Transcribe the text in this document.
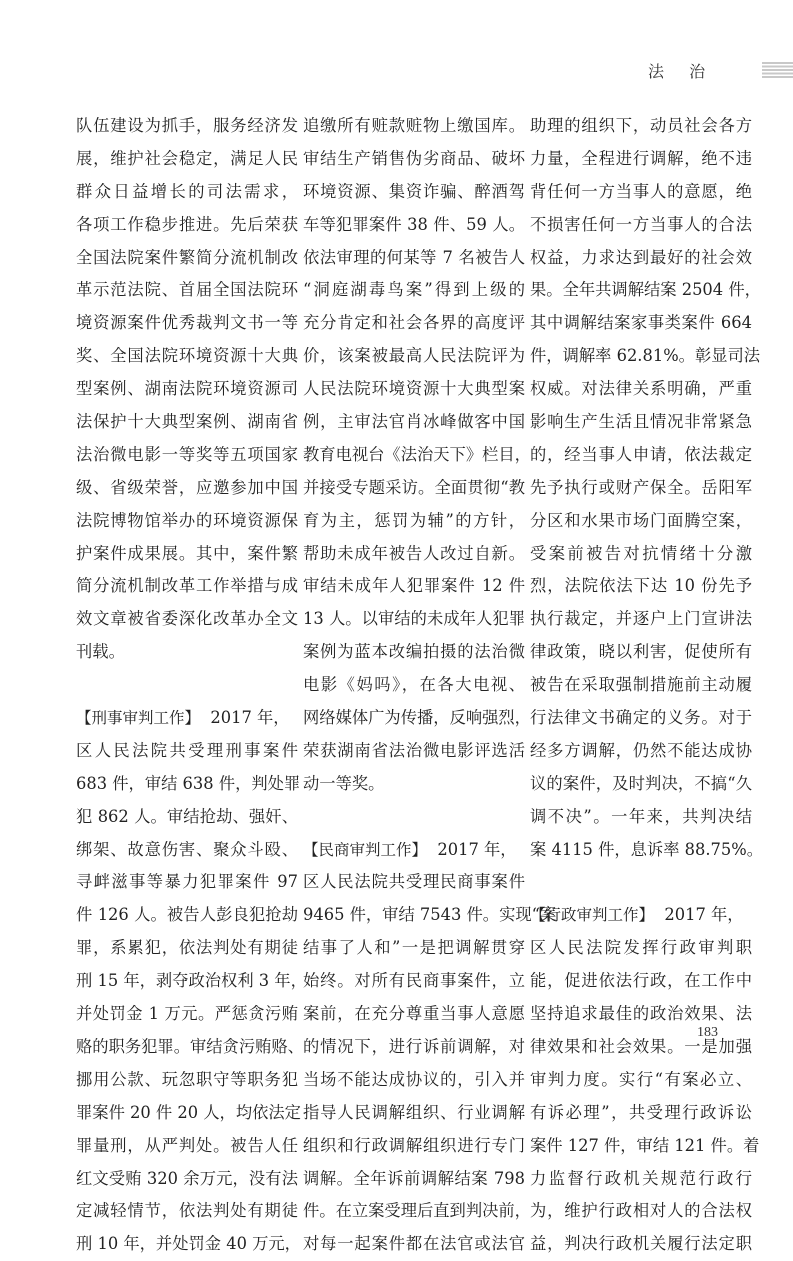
法 治
队伍建设为抓手，服务经济发
展，维护社会稳定，满足人民
群众日益增长的司法需求，
各项工作稳步推进。先后荣获
全国法院案件繁简分流机制改
革示范法院、首届全国法院环
境资源案件优秀裁判文书一等
奖、全国法院环境资源十大典
型案例、湖南法院环境资源司
法保护十大典型案例、湖南省
法治微电影一等奖等五项国家
级、省级荣誉，应邀参加中国
法院博物馆举办的环境资源保
护案件成果展。其中，案件繁
简分流机制改革工作举措与成
效文章被省委深化改革办全文
刊载。
【刑事审判工作】 2017 年，
区人民法院共受理刑事案件
683 件，审结 638 件，判处罪
犯 862 人。审结抢劫、强奸、
绑架、故意伤害、聚众斗殴、
寻衅滋事等暴力犯罪案件 97
件 126 人。被告人彭良犯抢劫
罪，系累犯，依法判处有期徒
刑 15 年，剥夺政治权利 3 年，
并处罚金 1 万元。严惩贪污贿
赂的职务犯罪。审结贪污贿赂、
挪用公款、玩忽职守等职务犯
罪案件 20 件 20 人，均依法定
罪量刑，从严判处。被告人任
红文受贿 320 余万元，没有法
定减轻情节，依法判处有期徒
刑 10 年，并处罚金 40 万元，
追缴所有赃款赃物上缴国库。
审结生产销售伪劣商品、破坏
环境资源、集资诈骗、醉酒驾
车等犯罪案件 38 件、59 人。
依法审理的何某等 7 名被告人
“洞庭湖毒鸟案”得到上级的
充分肯定和社会各界的高度评
价，该案被最高人民法院评为
人民法院环境资源十大典型案
例，主审法官肖冰峰做客中国
教育电视台《法治天下》栏目，
并接受专题采访。全面贯彻“教
育为主，惩罚为辅”的方针，
帮助未成年被告人改过自新。
审结未成年人犯罪案件 12 件
13 人。以审结的未成年人犯罪
案例为蓝本改编拍摄的法治微
电影《妈吗》，在各大电视、
网络媒体广为传播，反响强烈，
荣获湖南省法治微电影评选活
动一等奖。
【民商审判工作】 2017 年，
区人民法院共受理民商事案件
9465 件，审结 7543 件。实现“案
结事了人和”一是把调解贯穿
始终。对所有民商事案件，立
案前，在充分尊重当事人意愿
的情况下，进行诉前调解，对
当场不能达成协议的，引入并
指导人民调解组织、行业调解
组织和行政调解组织进行专门
调解。全年诉前调解结案 798
件。在立案受理后直到判决前，
对每一起案件都在法官或法官
助理的组织下，动员社会各方
力量，全程进行调解，绝不违
背任何一方当事人的意愿，绝
不损害任何一方当事人的合法
权益，力求达到最好的社会效
果。全年共调解结案 2504 件，
其中调解结案家事类案件 664
件，调解率 62.81%。彰显司法
权威。对法律关系明确，严重
影响生产生活且情况非常紧急
的，经当事人申请，依法裁定
先予执行或财产保全。岳阳军
分区和水果市场门面腾空案，
受案前被告对抗情绪十分激
烈，法院依法下达 10 份先予
执行裁定，并逐户上门宣讲法
律政策，晓以利害，促使所有
被告在采取强制措施前主动履
行法律文书确定的义务。对于
经多方调解，仍然不能达成协
议的案件，及时判决，不搞“久
调不决”。一年来，共判决结
案 4115 件，息诉率 88.75%。
【行政审判工作】 2017 年，
区人民法院发挥行政审判职
能，促进依法行政，在工作中
坚持追求最佳的政治效果、法
律效果和社会效果。一是加强
审判力度。实行“有案必立、
有诉必理”，共受理行政诉讼
案件 127 件，审结 121 件。着
力监督行政机关规范行政行
为，维护行政相对人的合法权
益，判决行政机关履行法定职
183
